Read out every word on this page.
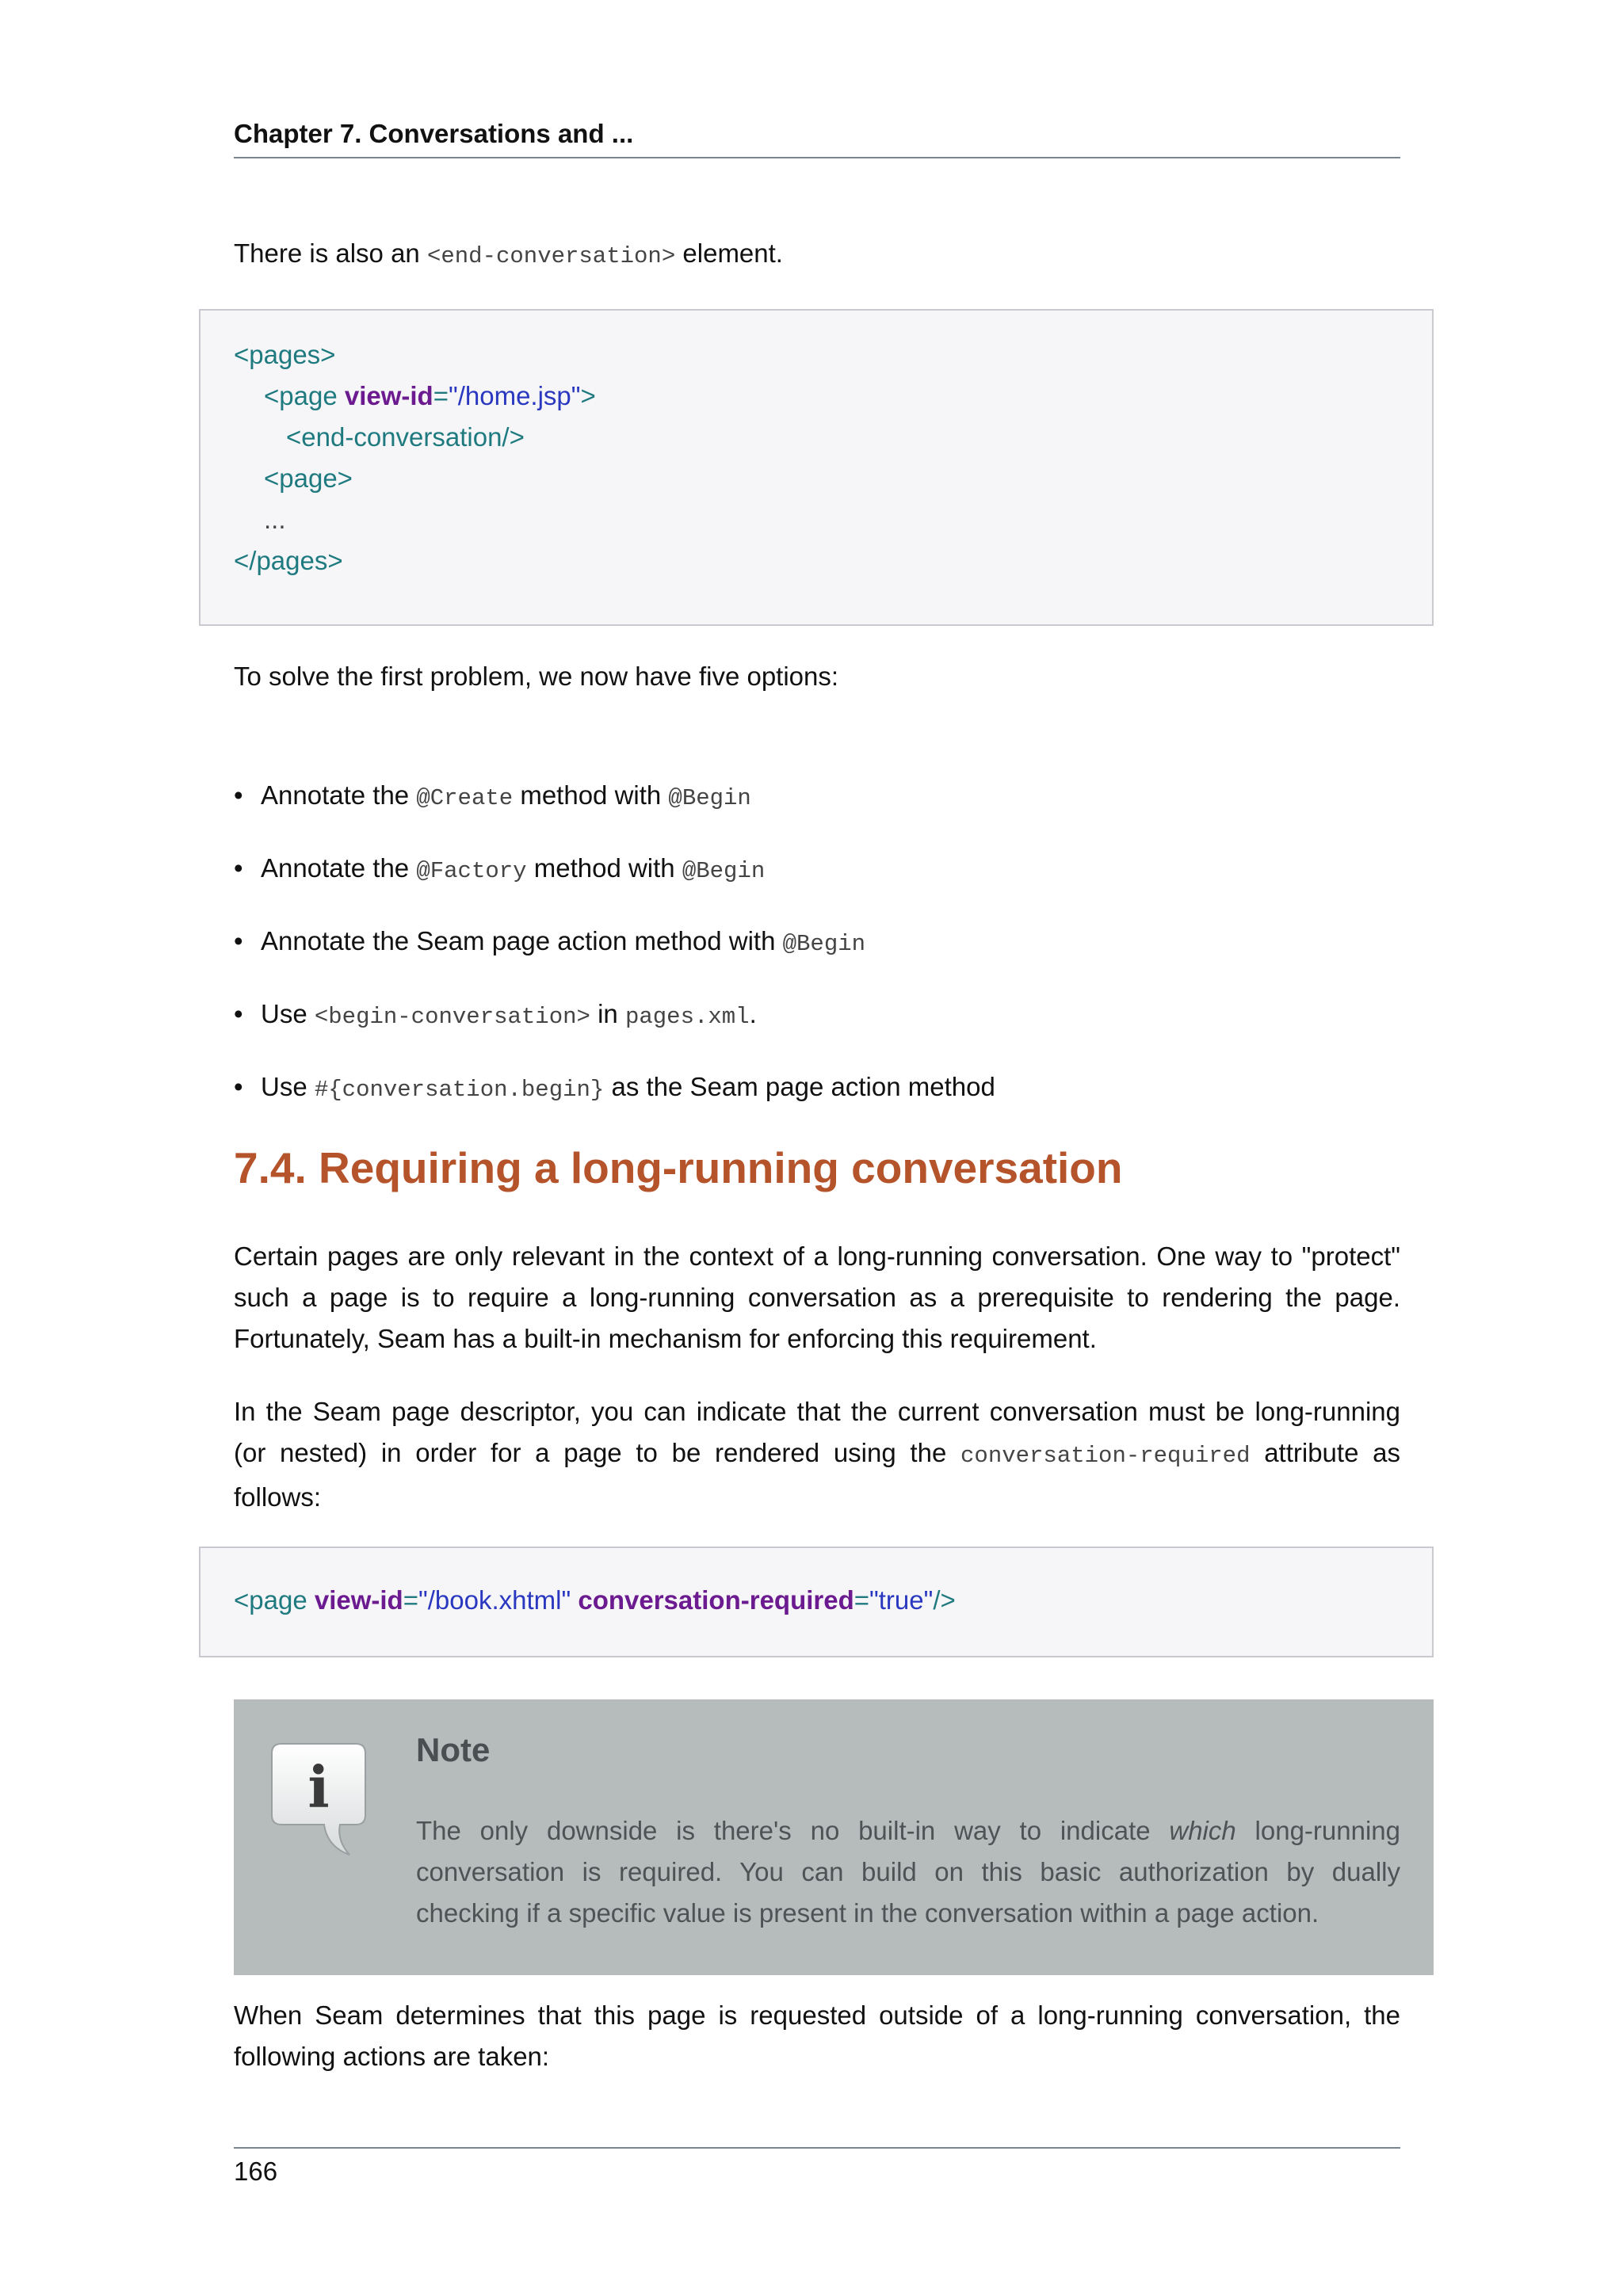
Chapter 7. Conversations and ...
There is also an <end-conversation> element.
<pages>
<page view-id="/home.jsp">
<end-conversation/>
<page>
...
</pages>
To solve the first problem, we now have five options:
• Annotate the @Create method with @Begin
• Annotate the @Factory method with @Begin
• Annotate the Seam page action method with @Begin
• Use <begin-conversation> in pages.xml.
• Use #{conversation.begin} as the Seam page action method
7.4. Requiring a long-running conversation
Certain pages are only relevant in the context of a long-running conversation. One way to "protect"
such a page is to require a long-running conversation as a prerequisite to rendering the page.
Fortunately, Seam has a built-in mechanism for enforcing this requirement.
In the Seam page descriptor, you can indicate that the current conversation must be long-running
(or nested) in order for a page to be rendered using the conversation-required attribute as
follows:
<page view-id="/book.xhtml" conversation-required="true"/>
i
Note
The only downside is there's no built-in way to indicate which long-running
conversation is required. You can build on this basic authorization by dually
checking if a specific value is present in the conversation within a page action.
When Seam determines that this page is requested outside of a long-running conversation, the
following actions are taken:
166
